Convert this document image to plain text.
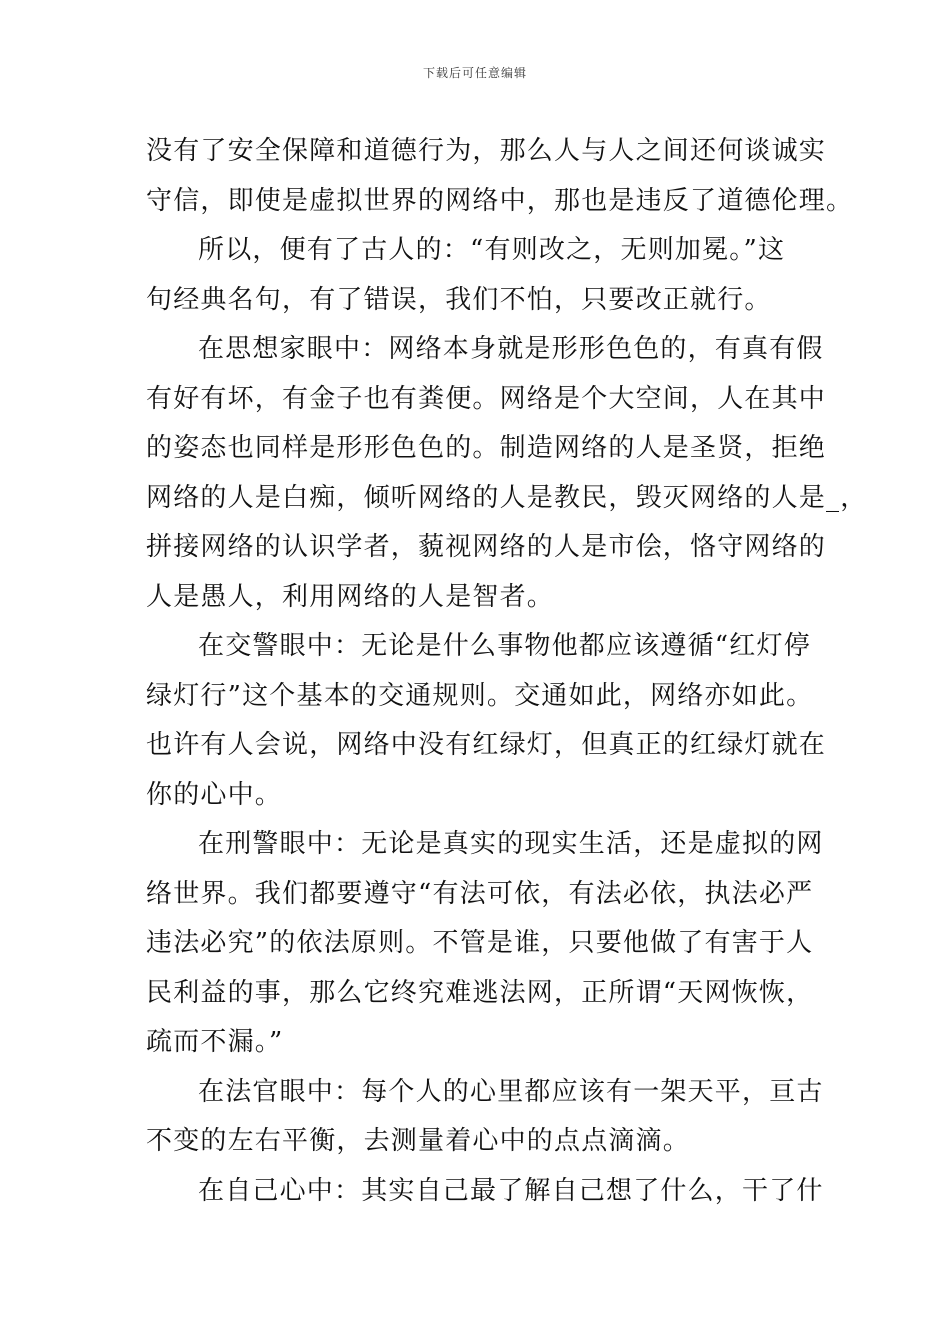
下载后可任意编辑
没有了安全保障和道德行为，那么人与人之间还何谈诚实
守信，即使是虚拟世界的网络中，那也是违反了道德伦理。
所以，便有了古人的：“有则改之，无则加冕。”这
句经典名句，有了错误，我们不怕，只要改正就行。
在思想家眼中：网络本身就是形形色色的，有真有假
有好有坏，有金子也有粪便。网络是个大空间，人在其中
的姿态也同样是形形色色的。制造网络的人是圣贤，拒绝
网络的人是白痴，倾听网络的人是教民，毁灭网络的人是_，
拼接网络的认识学者，藐视网络的人是市侩，恪守网络的
人是愚人，利用网络的人是智者。
在交警眼中：无论是什么事物他都应该遵循“红灯停
绿灯行”这个基本的交通规则。交通如此，网络亦如此。
也许有人会说，网络中没有红绿灯，但真正的红绿灯就在
你的心中。
在刑警眼中：无论是真实的现实生活，还是虚拟的网
络世界。我们都要遵守“有法可依，有法必依，执法必严
违法必究”的依法原则。不管是谁，只要他做了有害于人
民利益的事，那么它终究难逃法网，正所谓“天网恢恢，
疏而不漏。”
在法官眼中：每个人的心里都应该有一架天平，亘古
不变的左右平衡，去测量着心中的点点滴滴。
在自己心中：其实自己最了解自己想了什么，干了什
